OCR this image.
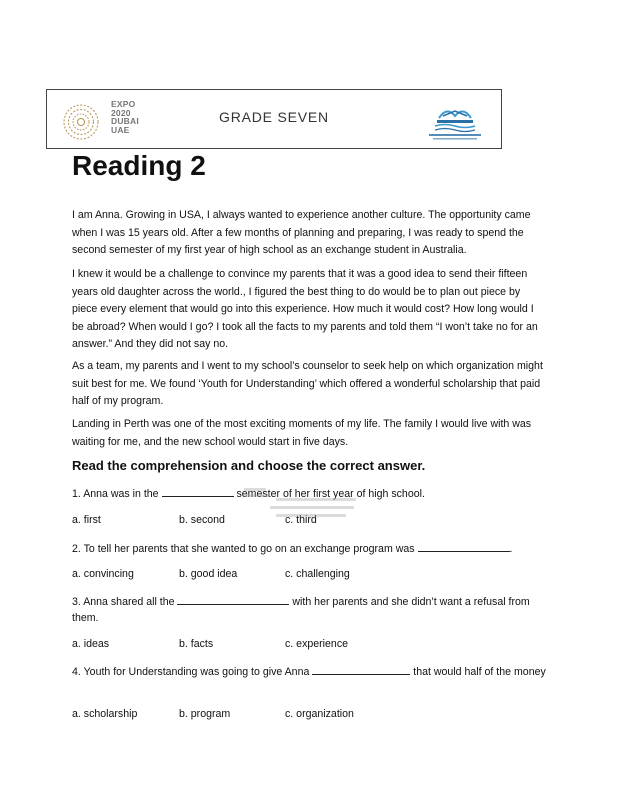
EXPO
2020
DUBAI
UAE
GRADE SEVEN
Reading 2

I am Anna. Growing in USA, I always wanted to experience another culture. The opportunity came when I was 15 years old. After a few months of planning and preparing, I was ready to spend the second semester of my first year of high school as an exchange student in Australia.

I knew it would be a challenge to convince my parents that it was a good idea to send their fifteen years old daughter across the world., I figured the best thing to do would be to plan out piece by piece every element that would go into this experience. How much it would cost? How long would I be abroad? When would I go? I took all the facts to my parents and told them “I won’t take no for an answer.” And they did not say no.

As a team, my parents and I went to my school’s counselor to seek help on which organization might suit best for me. We found ‘Youth for Understanding’ which offered a wonderful scholarship that paid half of my program.

Landing in Perth was one of the most exciting moments of my life. The family I would live with was waiting for me, and the new school would start in five days.

Read the comprehension and choose the correct answer.
1. Anna was in the	semester of her first year of high school.
a. first	b. second	c. third
2. To tell her parents that she wanted to go on an exchange program was	.
a. convincing	b. good idea	c. challenging
3. Anna shared all the	with her parents and she didn’t want a refusal from them.
a. ideas	b. facts	c. experience
4. Youth for Understanding was going to give Anna	that would half of the money
a. scholarship	b. program	c. organization
